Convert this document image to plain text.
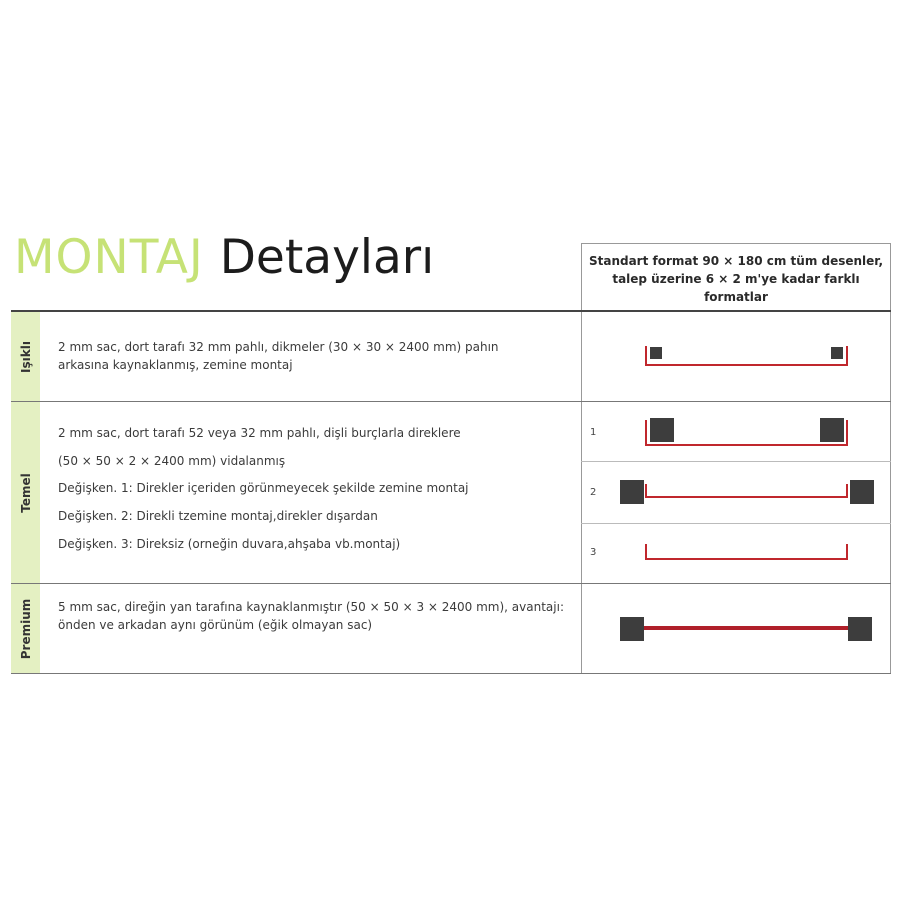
MONTAJ Detayları	Standart format 90 × 180 cm tüm desenler, talep üzerine 6 × 2 m'ye kadar farklı formatlar
Işıklı
Temel
Premium
2 mm sac, dort tarafı 32 mm pahlı, dikmeler (30 × 30 × 2400 mm) pahın arkasına kaynaklanmış, zemine montaj
2 mm sac, dort tarafı 52 veya 32 mm pahlı, dişli burçlarla direklere
(50 × 50 × 2 × 2400 mm) vidalanmış
Değişken. 1: Direkler içeriden görünmeyecek şekilde zemine montaj
Değişken. 2: Direkli tzemine montaj,direkler dışardan
Değişken. 3: Direksiz (orneğin duvara,ahşaba vb.montaj)
5 mm sac, direğin yan tarafına kaynaklanmıştır (50 × 50 × 3 × 2400 mm), avantajı: önden ve arkadan aynı görünüm (eğik olmayan sac)
1
2
3
